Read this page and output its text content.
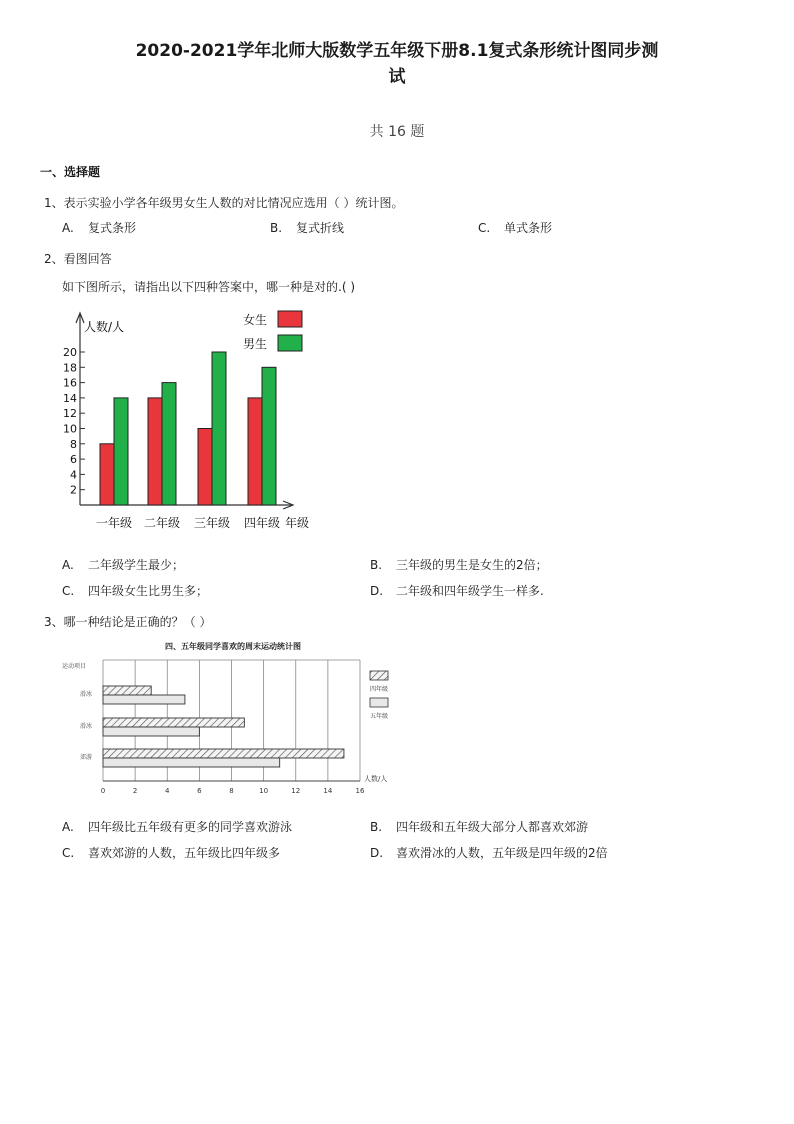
2020-2021学年北师大版数学五年级下册8.1复式条形统计图同步测
试
共 16 题
一、选择题
1、表示实验小学各年级男女生人数的对比情况应选用（ ）统计图。
A. 复式条形	B. 复式折线	C. 单式条形
2、看图回答
如下图所示，请指出以下四种答案中，哪一种是对的.( )
人数/人
年级
2
4
6
8
10
12
14
16
18
20
一年级 二年级 三年级 四年级
女生
男生
A. 二年级学生最少；	B. 三年级的男生是女生的2倍；
C. 四年级女生比男生多；	D. 二年级和四年级学生一样多.
3、哪一种结论是正确的？（ ）
四、五年级同学喜欢的周末运动统计图
运动项目
0	2	4	6	8	10	12	14	16
人数/人
滑冰
滑冰
郊游
四年级
五年级
A. 四年级比五年级有更多的同学喜欢游泳	B. 四年级和五年级大部分人都喜欢郊游
C. 喜欢郊游的人数，五年级比四年级多	D. 喜欢滑冰的人数，五年级是四年级的2倍
